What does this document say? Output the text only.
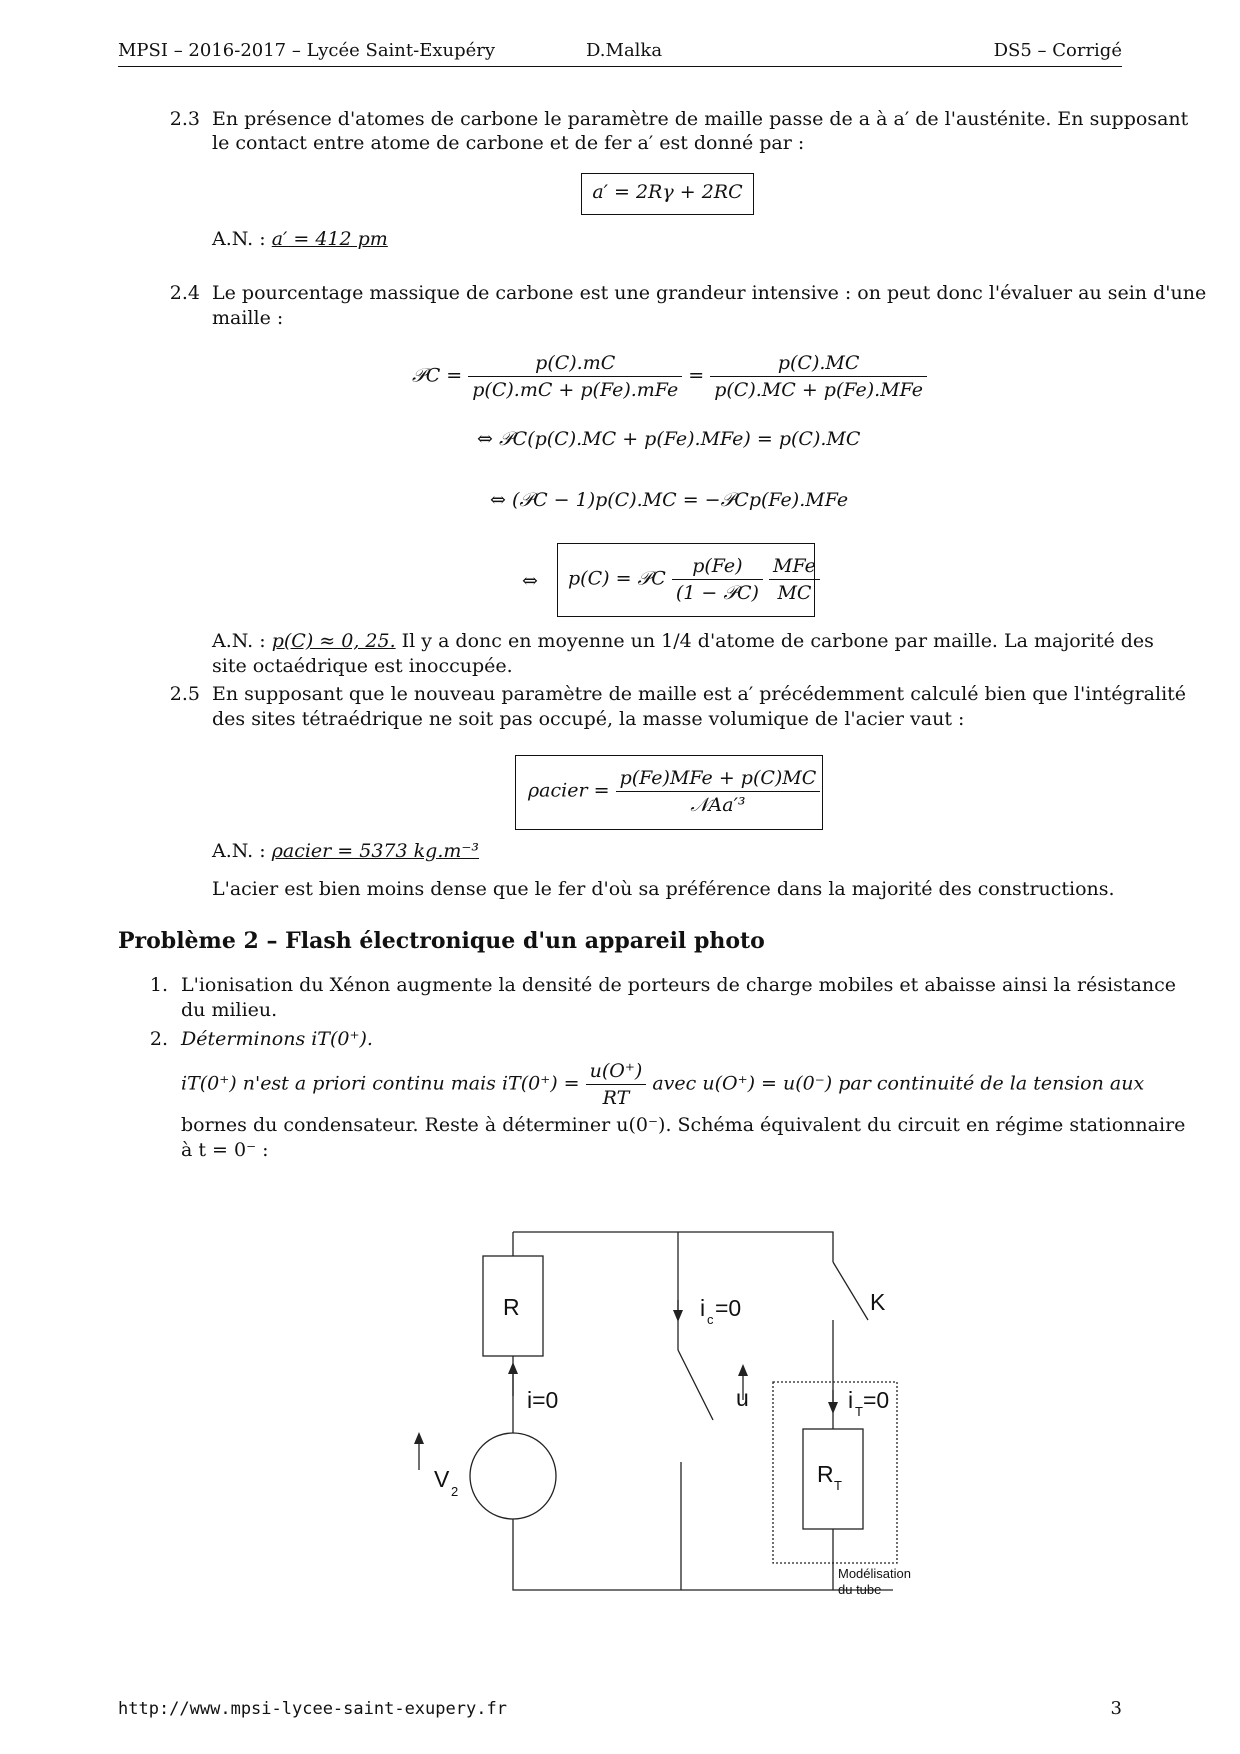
MPSI – 2016-2017 – Lycée Saint-Exupéry	D.Malka	DS5 – Corrigé
2.3 En présence d'atomes de carbone le paramètre de maille passe de a à a′ de l'austénite. En supposant
le contact entre atome de carbone et de fer a′ est donné par :
a′ = 2Rγ + 2RC
A.N. : a′ = 412 pm
2.4 Le pourcentage massique de carbone est une grandeur intensive : on peut donc l'évaluer au sein d'une
maille :
𝒫C = $\frac{p(C).mC}{\text{p(C).mC + p(Fe).mFe}} = \frac{p(C).MC}{\text{p(C).MC + p(Fe).MFe}}$
⇔ 𝒫C(p(C).MC + p(Fe).MFe) = p(C).MC
⇔ (𝒫C − 1)p(C).MC = −𝒫Cp(Fe).MFe
⇔ p(C) = 𝒫C $\frac{p(Fe)}{\text{(1 − 𝒫C)}}$
$\frac{\text{MFe}}{MC}$
A.N. : p(C) ≈ 0, 25. Il y a donc en moyenne un 1/4 d'atome de carbone par maille. La majorité des
site octaédrique est inoccupée.
2.5 En supposant que le nouveau paramètre de maille est a′ précédemment calculé bien que l'intégralité
des sites tétraédrique ne soit pas occupé, la masse volumique de l'acier vaut :
ρacier = $\frac{\text{p(Fe)MFe + p(C)MC}}{\text{𝒩Aa′³}}$
A.N. : ρacier = 5373 kg.m⁻³
L'acier est bien moins dense que le fer d'où sa préférence dans la majorité des constructions.
Problème 2 – Flash électronique d'un appareil photo
1. L'ionisation du Xénon augmente la densité de porteurs de charge mobiles et abaisse ainsi la résistance
du milieu.
2. Déterminons iT(0⁺).
iT(0⁺) n'est a priori continu mais $iT(0^+) = \frac{u(O^+)}{RT}$ avec u(O⁺) = u(0⁻) par continuité de la tension aux
bornes du condensateur. Reste à déterminer u(0⁻). Schéma équivalent du circuit en régime stationnaire
à t = 0⁻ :
R
i=0
V 2
i c =0
u
K
i T =0
R T
Modélisation
du tube
http://www.mpsi-lycee-saint-exupery.fr	3
